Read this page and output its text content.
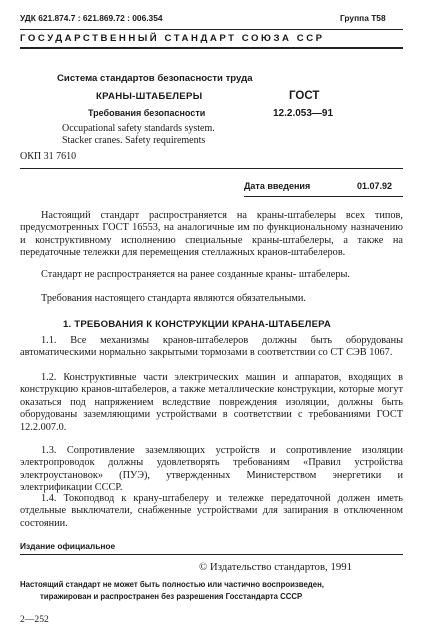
УДК 621.874.7 : 621.869.72 : 006.354	Группа Т58
ГОСУДАРСТВЕННЫЙ СТАНДАРТ СОЮЗА ССР
Система стандартов безопасности труда
КРАНЫ-ШТАБЕЛЕРЫ
Требования безопасности
Occupational safety standards system.
Stacker cranes. Safety requirements
ОКП 31 7610
ГОСТ
12.2.053—91
Дата введения	01.07.92

Настоящий стандарт распространяется на краны-штабелеры всех типов, предусмотренных ГОСТ 16553, на аналогичные им по функциональному назначению и конструктивному исполнению специальные краны-штабелеры, а также на передаточные тележки для перемещения стеллажных кранов-штабелеров.

Стандарт не распространяется на ранее созданные краны- штабелеры.

Требования настоящего стандарта являются обязательными.

1. ТРЕБОВАНИЯ К КОНСТРУКЦИИ КРАНА-ШТАБЕЛЕРА

1.1. Все механизмы кранов-штабелеров должны быть оборудованы автоматическими нормально закрытыми тормозами в соответствии со СТ СЭВ 1067.

1.2. Конструктивные части электрических машин и аппаратов, входящих в конструкцию кранов-штабелеров, а также металлические конструкции, которые могут оказаться под напряжением вследствие повреждения изоляции, должны быть оборудованы заземляющими устройствами в соответствии с требованиями ГОСТ 12.2.007.0.

1.3. Сопротивление заземляющих устройств и сопротивление изоляции электропроводок должны удовлетворять требованиям «Правил устройства электроустановок» (ПУЭ), утвержденных Министерством энергетики и электрификации СССР.

1.4. Токоподвод к крану-штабелеру и тележке передаточной должен иметь отдельные выключатели, снабженные устройствами для запирания в отключенном состоянии.

Издание официальное
© Издательство стандартов, 1991
Настоящий стандарт не может быть полностью или частично воспроизведен,
тиражирован и распространен без разрешения Госстандарта СССР
2—252
